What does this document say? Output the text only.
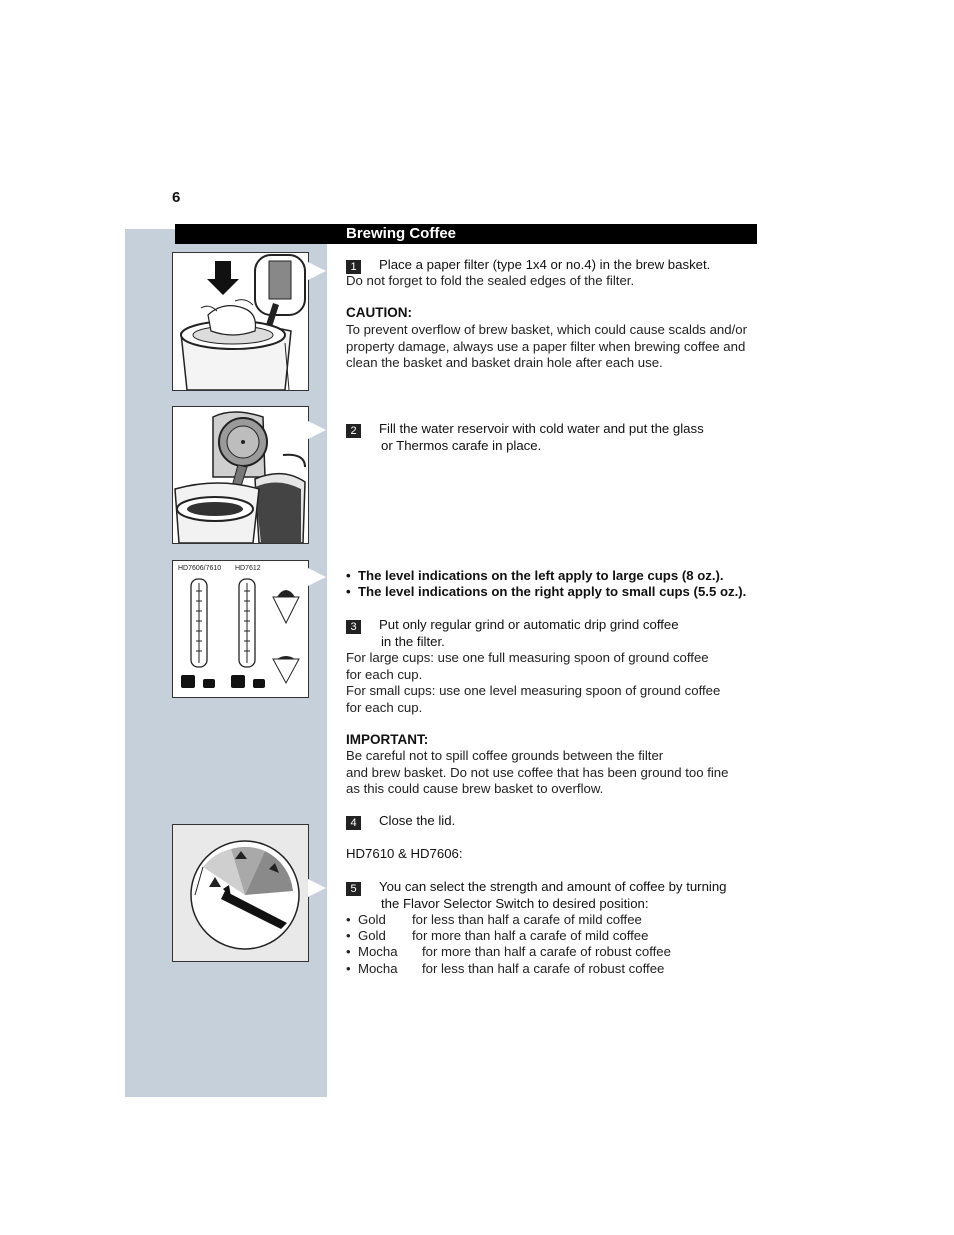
6
Brewing Coffee
HD7606/7610 HD7612
1 Place a paper filter (type 1x4 or no.4) in the brew basket.
Do not forget to fold the sealed edges of the filter.
CAUTION:
To prevent overflow of brew basket, which could cause scalds and/or
property damage, always use a paper filter when brewing coffee and
clean the basket and basket drain hole after each use.
2 Fill the water reservoir with cold water and put the glass
or Thermos carafe in place.
•  The level indications on the left apply to large cups (8 oz.).
•  The level indications on the right apply to small cups (5.5 oz.).
3 Put only regular grind or automatic drip grind coffee
in the filter.
For large cups: use one full measuring spoon of ground coffee
for each cup.
For small cups: use one level measuring spoon of ground coffee
for each cup.
IMPORTANT:
Be careful not to spill coffee grounds between the filter
and brew basket. Do not use coffee that has been ground too fine
as this could cause brew basket to overflow.
4 Close the lid.
HD7610 & HD7606:
5 You can select the strength and amount of coffee by turning
the Flavor Selector Switch to desired position:
•  Gold for less than half a carafe of mild coffee
•  Gold for more than half a carafe of mild coffee
•  Mocha for more than half a carafe of robust coffee
•  Mocha for less than half a carafe of robust coffee
